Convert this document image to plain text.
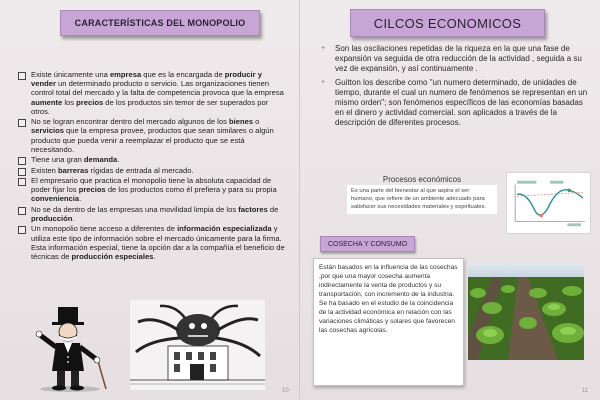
CARACTERÍSTICAS DEL MONOPOLIO
Existe únicamente una empresa que es la encargada de producir y vender un determinado producto o servicio. Las organizaciones tienen control total del mercado y la falta de competencia provoca que la empresa aumente los precios de los productos sin temor de ser superados por otros.
No se logran encontrar dentro del mercado algunos de los bienes o servicios que la empresa provee, productos que sean similares o algún producto que pueda venir a reemplazar el producto que se está necesitando.
Tiene una gran demanda.
Existen barreras rígidas de entrada al mercado.
El empresario que practica el monopolio tiene la absoluta capacidad de poder fijar los precios de los productos como él prefiera y para su propia conveniencia.
No se da dentro de las empresas una movilidad limpia de los factores de producción.
Un monopolio tiene acceso a diferentes de información especializada y utiliza este tipo de información sobre el mercado únicamente para la firma. Esta información especial, tiene la opción dar a la compañía el beneficio de técnicas de producción especiales.
10
CILCOS ECONOMICOS
+ Son las oscilaciones repetidas de la riqueza en la que una fase de expansión va seguida de otra reducción de la actividad , seguida a su vez de expansión, y así continuamente .
+ Guitton los describe como "un numero determinado, de unidades de tiempo, durante el cual un numero de fenómenos se representan en un mismo orden"; son fenómenos específicos de las economías basadas en el dinero y actividad comercial. son aplicados a través de la descripción de diferentes procesos.
Procesos económicos
Es una parte del bienestar al que aspira el ser humano, que refiere de un ambiente adecuado para satisfacer sus necesidades materiales y espirituales.
COSECHA Y CONSUMO
Están basados en la influencia de las cosechas ,por que una mayor cosecha aumenta indirectamente la venta de productos y su transportación, con incremento de la industria. Se ha basado en el estudio de la coincidencia de la actividad económica en relación con las variaciones climáticas y solares que favorecen las cosechas agrícolas.
11
